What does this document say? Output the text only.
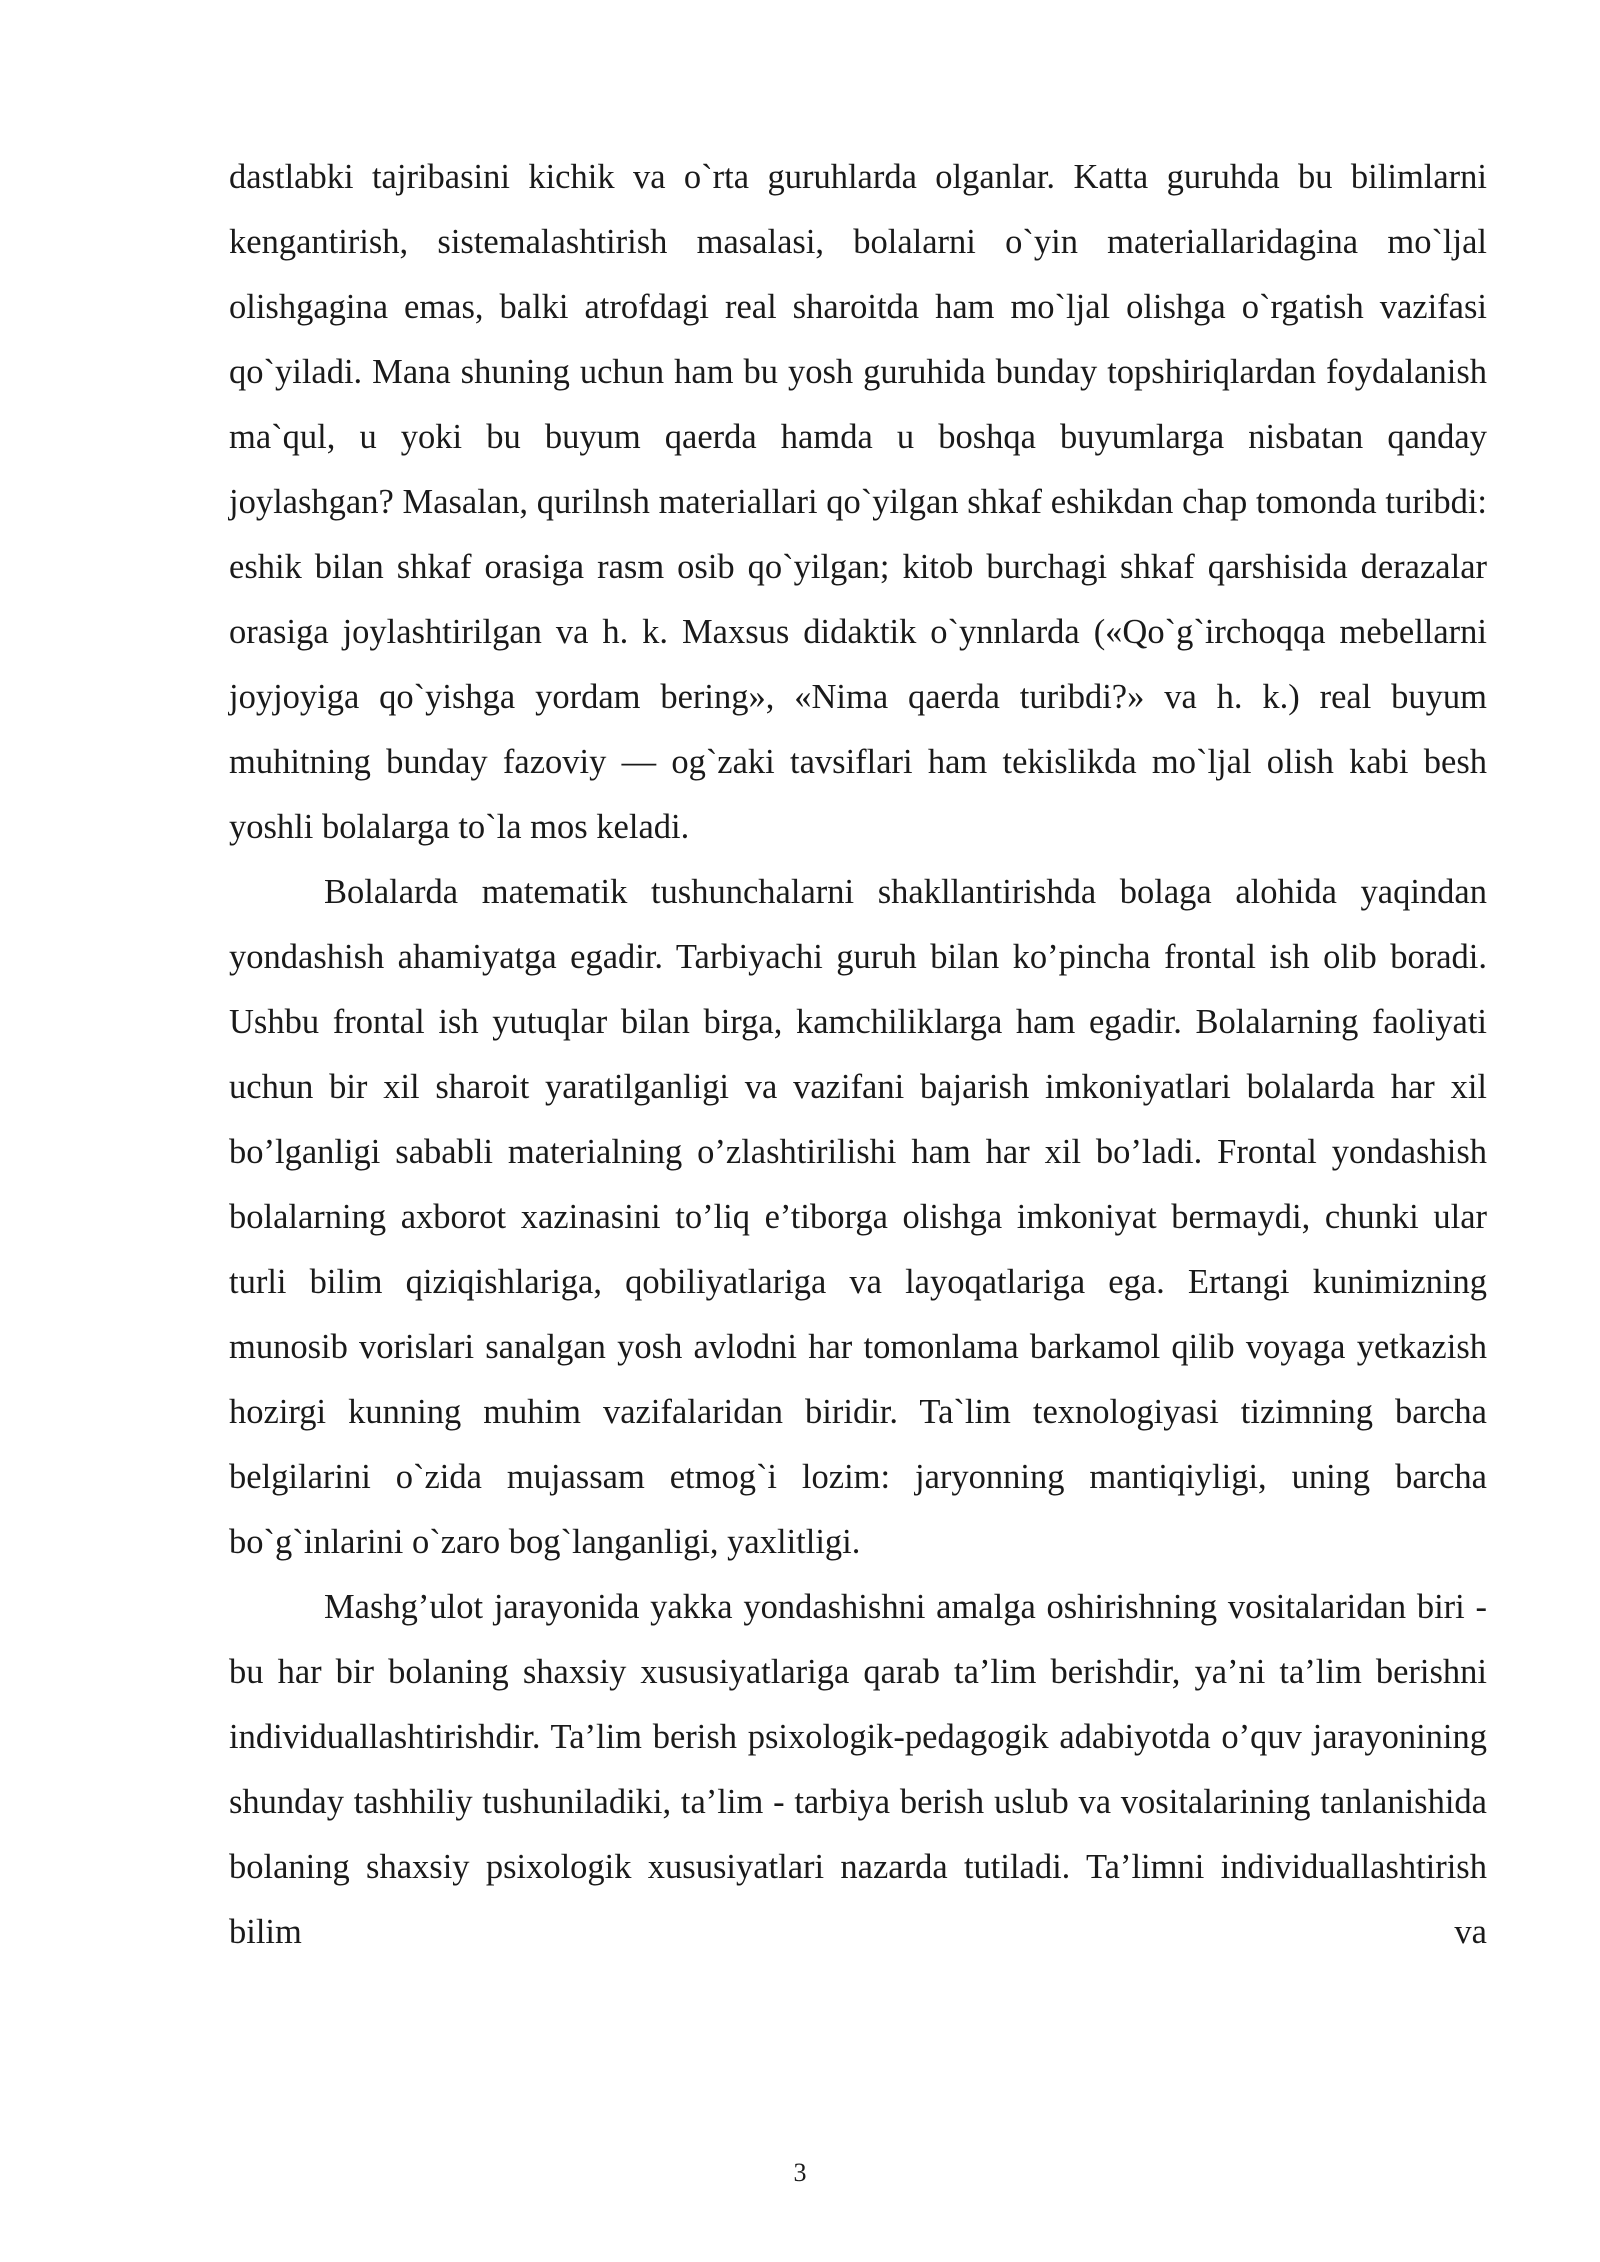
dastlabki tajribasini kichik va o`rta guruhlarda olganlar. Katta guruhda bu bilimlarni kengantirish, sistemalashtirish masalasi, bolalarni o`yin materiallaridagina mo`ljal olishgagina emas, balki atrofdagi real sharoitda ham mo`ljal olishga o`rgatish vazifasi qo`yiladi. Mana shuning uchun ham bu yosh guruhida bunday topshiriqlardan foydalanish ma`qul, u yoki bu buyum qaerda hamda u boshqa buyumlarga nisbatan qanday joylashgan? Masalan, qurilnsh materiallari qo`yilgan shkaf eshikdan chap tomonda turibdi: eshik bilan shkaf orasiga rasm osib qo`yilgan; kitob burchagi shkaf qarshisida derazalar orasiga joylashtirilgan va h. k. Maxsus didaktik o`ynnlarda («Qo`g`irchoqqa mebellarni joyjoyiga qo`yishga yordam bering», «Nima qaerda turibdi?» va h. k.) real buyum muhitning bunday fazoviy — og`zaki tavsiflari ham tekislikda mo`ljal olish kabi besh yoshli bolalarga to`la mos keladi.

Bolalarda matematik tushunchalarni shakllantirishda bolaga alohida yaqindan yondashish ahamiyatga egadir. Tarbiyachi guruh bilan ko’pincha frontal ish olib boradi. Ushbu frontal ish yutuqlar bilan birga, kamchiliklarga ham egadir. Bolalarning faoliyati uchun bir xil sharoit yaratilganligi va vazifani bajarish imkoniyatlari bolalarda har xil bo’lganligi sababli materialning o’zlashtirilishi ham har xil bo’ladi. Frontal yondashish bolalarning axborot xazinasini to’liq e’tiborga olishga imkoniyat bermaydi, chunki ular turli bilim qiziqishlariga, qobiliyatlariga va layoqatlariga ega. Ertangi kunimizning munosib vorislari sanalgan yosh avlodni har tomonlama barkamol qilib voyaga yetkazish hozirgi kunning muhim vazifalaridan biridir. Ta`lim texnologiyasi tizimning barcha belgilarini o`zida mujassam etmog`i lozim: jaryonning mantiqiyligi, uning barcha bo`g`inlarini o`zaro bog`langanligi, yaxlitligi.

Mashg’ulot jarayonida yakka yondashishni amalga oshirishning vositalaridan biri - bu har bir bolaning shaxsiy xususiyatlariga qarab ta’lim berishdir, ya’ni ta’lim berishni individuallashtirishdir. Ta’lim berish psixologik-pedagogik adabiyotda o’quv jarayonining shunday tashhiliy tushuniladiki, ta’lim - tarbiya berish uslub va vositalarining tanlanishida bolaning shaxsiy psixologik xususiyatlari nazarda tutiladi. Ta’limni individuallashtirish bilim va

3
